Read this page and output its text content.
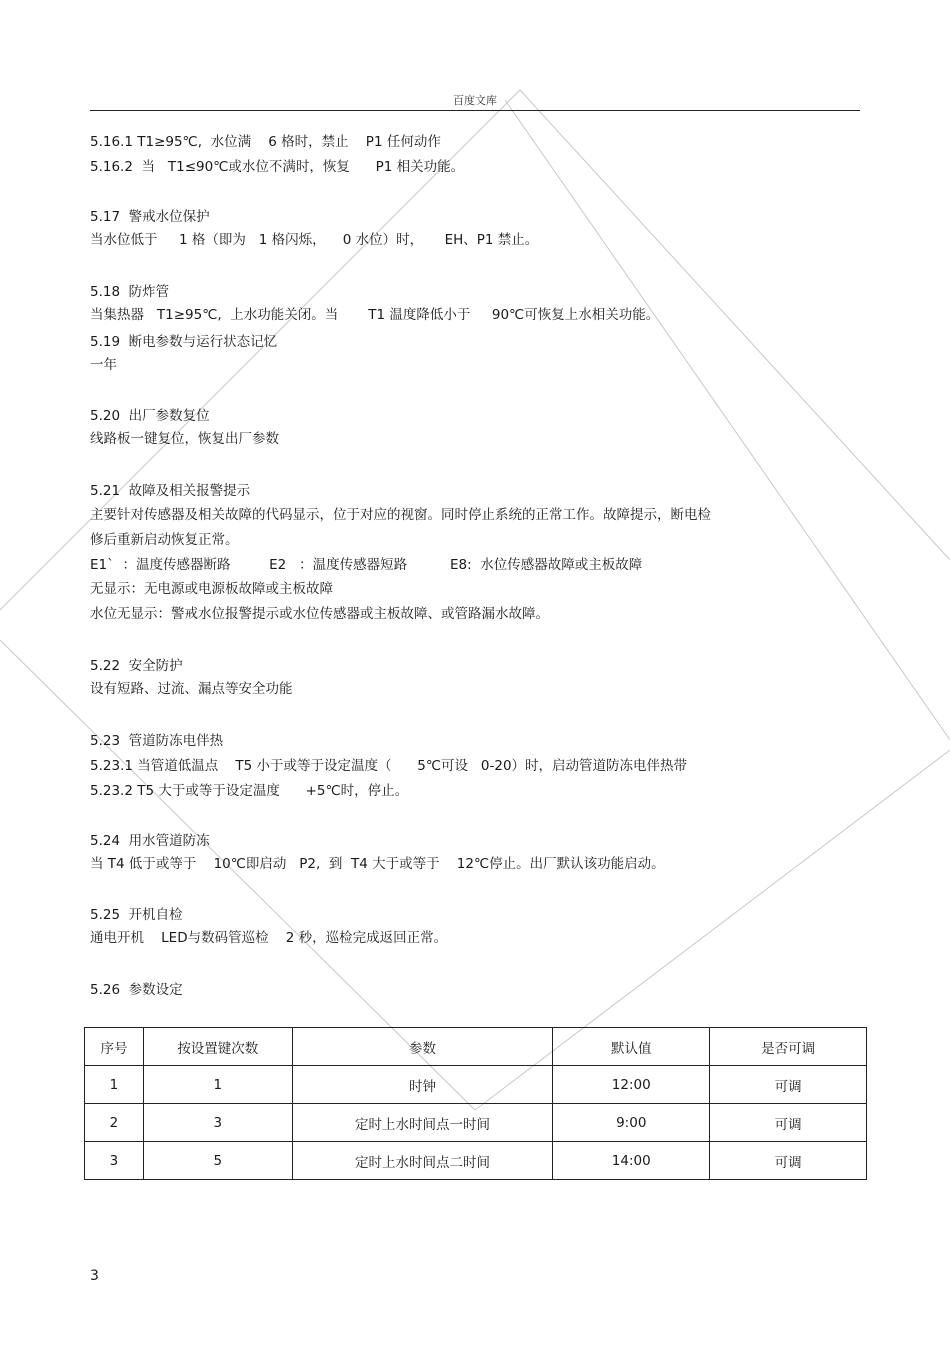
百度文库
5.16.1 T1≥95℃,  水位满    6 格时，禁止    P1 任何动作
5.16.2  当   T1≤90℃或水位不满时，恢复      P1 相关功能。
5.17  警戒水位保护
当水位低于     1 格（即为   1 格闪烁，    0 水位）时，     EH、P1 禁止。
5.18  防炸管
当集热器   T1≥95℃,  上水功能关闭。当       T1 温度降低小于     90℃可恢复上水相关功能。
5.19  断电参数与运行状态记忆
一年
5.20  出厂参数复位
线路板一键复位，恢复出厂参数
5.21  故障及相关报警提示
主要针对传感器及相关故障的代码显示，位于对应的视窗。同时停止系统的正常工作。故障提示，断电检
修后重新启动恢复正常。
E1`  ：温度传感器断路         E2   ：温度传感器短路          E8:  水位传感器故障或主板故障
无显示：无电源或电源板故障或主板故障
水位无显示：警戒水位报警提示或水位传感器或主板故障、或管路漏水故障。
5.22  安全防护
设有短路、过流、漏点等安全功能
5.23  管道防冻电伴热
5.23.1 当管道低温点    T5 小于或等于设定温度（      5℃可设   0-20）时，启动管道防冻电伴热带
5.23.2 T5 大于或等于设定温度      +5℃时，停止。
5.24  用水管道防冻
当 T4 低于或等于    10℃即启动   P2,  到  T4 大于或等于    12℃停止。出厂默认该功能启动。
5.25  开机自检
通电开机    LED与数码管巡检    2 秒，巡检完成返回正常。
5.26  参数设定
序号	按设置键次数	参数	默认值	是否可调
1	1	时钟	12:00	可调
2	3	定时上水时间点一时间	9:00	可调
3	5	定时上水时间点二时间	14:00	可调
3
